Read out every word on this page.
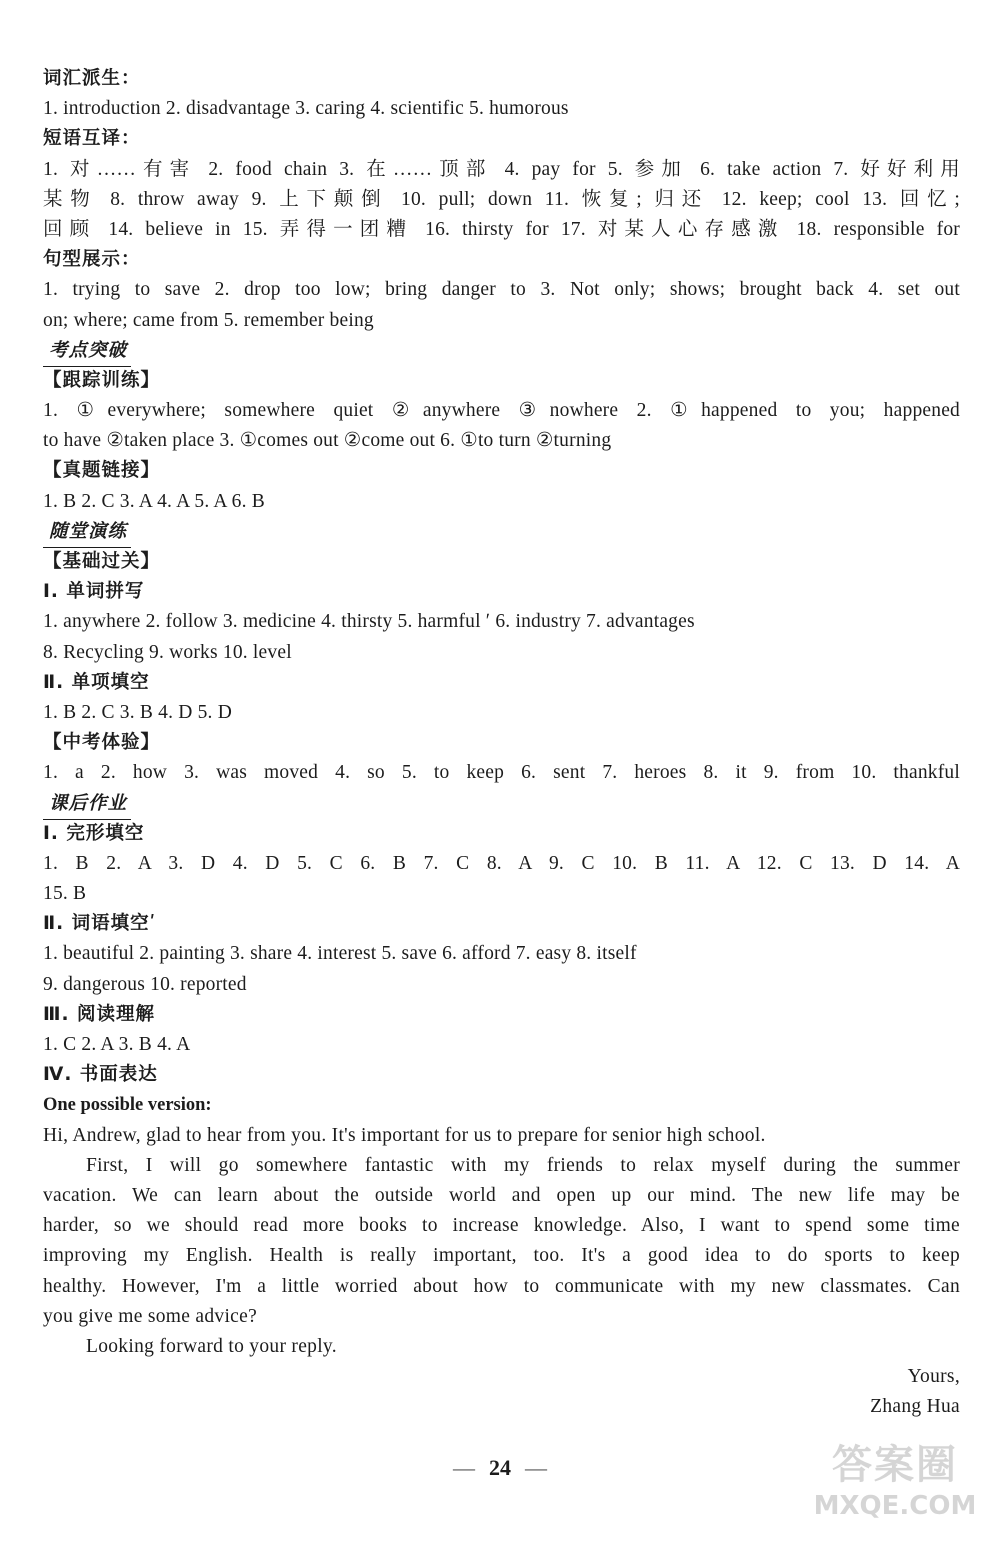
词汇派生：
1. introduction 2. disadvantage 3. caring 4. scientific 5. humorous
短语互译：
1. 对……有害 2. food chain 3. 在……顶部 4. pay for 5. 参加 6. take action 7. 好好利用
某物 8. throw away 9. 上下颠倒 10. pull; down 11. 恢复; 归还 12. keep; cool 13. 回忆;
回顾 14. believe in 15. 弄得一团糟 16. thirsty for 17. 对某人心存感激 18. responsible for
句型展示：
1. trying to save 2. drop too low; bring danger to 3. Not only; shows; brought back 4. set out
on; where; came from 5. remember being
考点突破
【跟踪训练】
1. ①everywhere; somewhere quiet ②anywhere ③nowhere 2. ①happened to you; happened
to have ②taken place 3. ①comes out ②come out 6. ①to turn ②turning
【真题链接】
1. B 2. C 3. A 4. A 5. A 6. B
随堂演练
【基础过关】
Ⅰ. 单词拼写
1. anywhere 2. follow 3. medicine 4. thirsty 5. harmful ʹ 6. industry 7. advantages
8. Recycling 9. works 10. level
Ⅱ. 单项填空
1. B 2. C 3. B 4. D 5. D
【中考体验】
1. a 2. how 3. was moved 4. so 5. to keep 6. sent 7. heroes 8. it 9. from 10. thankful
课后作业
Ⅰ. 完形填空
1. B 2. A 3. D 4. D 5. C 6. B 7. C 8. A 9. C 10. B 11. A 12. C 13. D 14. A
15. B
Ⅱ. 词语填空ʹ
1. beautiful 2. painting 3. share 4. interest 5. save 6. afford 7. easy 8. itself
9. dangerous 10. reported
Ⅲ. 阅读理解
1. C 2. A 3. B 4. A
Ⅳ. 书面表达
One possible version:
Hi, Andrew, glad to hear from you. It's important for us to prepare for senior high school.
First, I will go somewhere fantastic with my friends to relax myself during the summer
vacation. We can learn about the outside world and open up our mind. The new life may be
harder, so we should read more books to increase knowledge. Also, I want to spend some time
improving my English. Health is really important, too. It's a good idea to do sports to keep
healthy. However, I'm a little worried about how to communicate with my new classmates. Can
you give me some advice?
Looking forward to your reply.
Yours,
Zhang Hua
— 24 —	答案圈
MXQE.COM
